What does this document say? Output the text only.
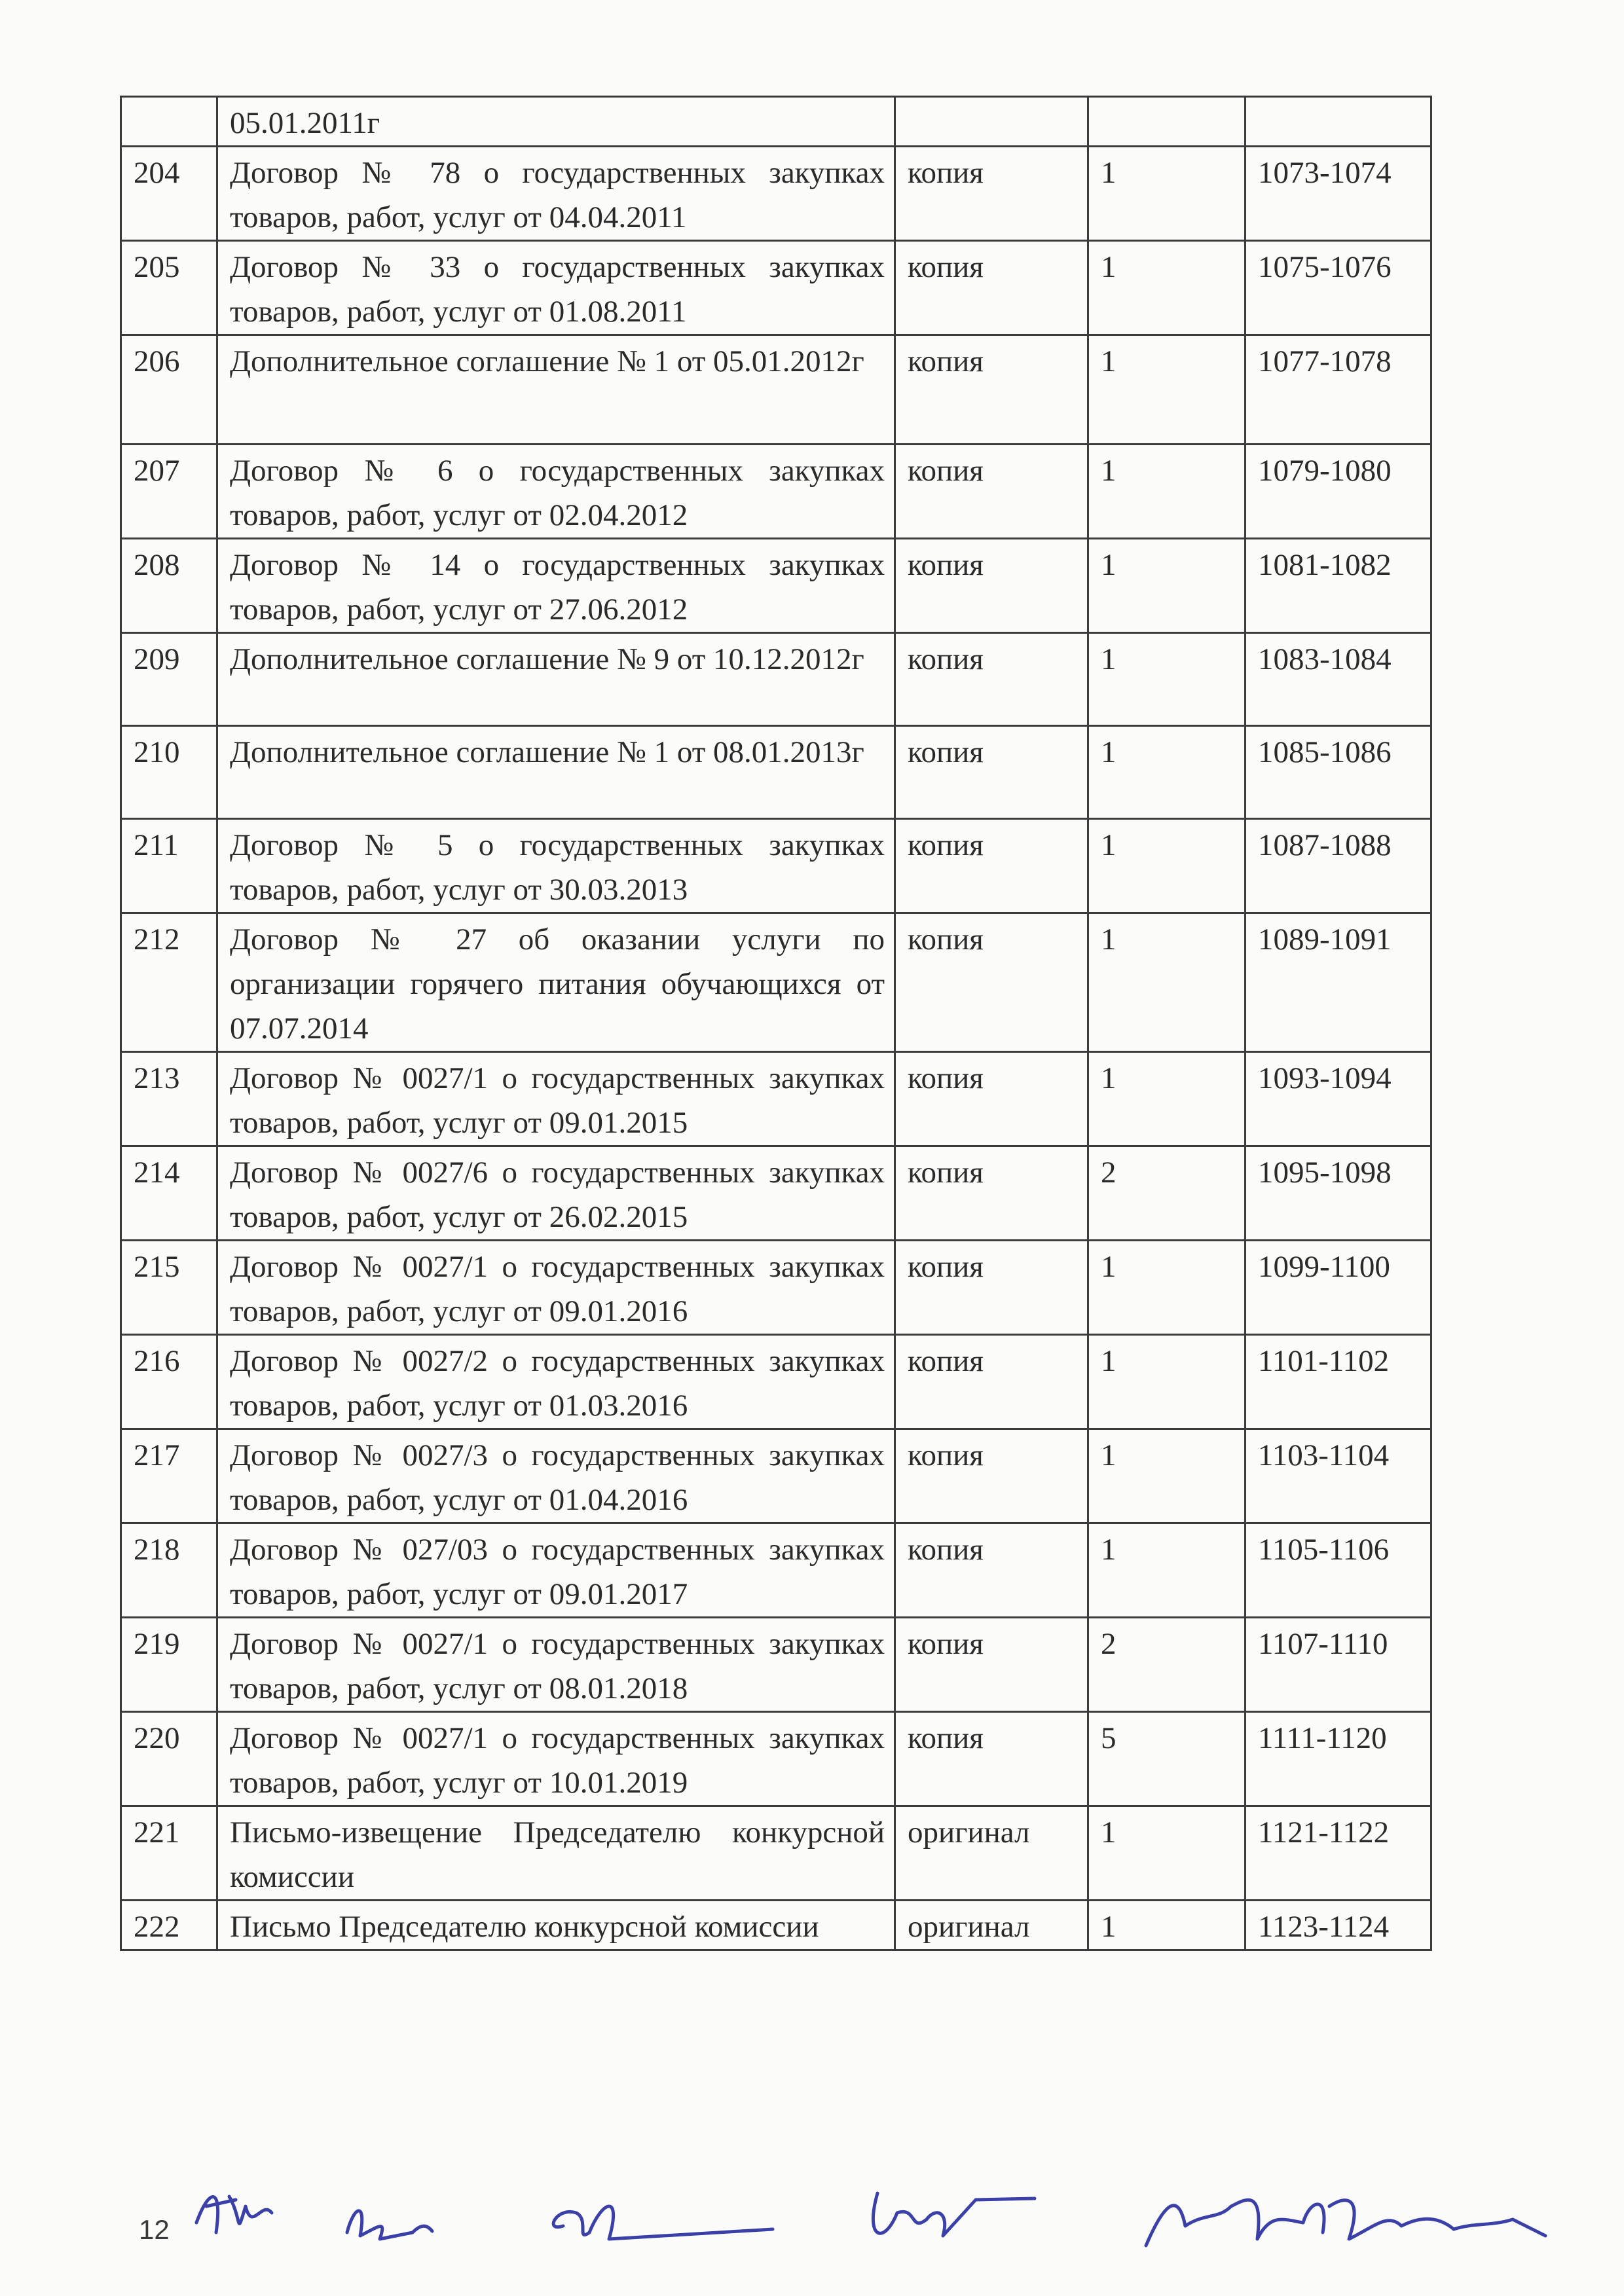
	05.01.2011г			
204	Договор № 78 о государственных закупках товаров, работ, услуг от 04.04.2011	копия	1	1073-1074
205	Договор № 33 о государственных закупках товаров, работ, услуг от 01.08.2011	копия	1	1075-1076
206	Дополнительное соглашение № 1 от 05.01.2012г	копия	1	1077-1078
207	Договор № 6 о государственных закупках товаров, работ, услуг от 02.04.2012	копия	1	1079-1080
208	Договор № 14 о государственных закупках товаров, работ, услуг от 27.06.2012	копия	1	1081-1082
209	Дополнительное соглашение № 9 от 10.12.2012г	копия	1	1083-1084
210	Дополнительное соглашение № 1 от 08.01.2013г	копия	1	1085-1086
211	Договор № 5 о государственных закупках товаров, работ, услуг от 30.03.2013	копия	1	1087-1088
212	Договор № 27 об оказании услуги по организации горячего питания обучающихся от 07.07.2014	копия	1	1089-1091
213	Договор № 0027/1 о государственных закупках товаров, работ, услуг от 09.01.2015	копия	1	1093-1094
214	Договор № 0027/6 о государственных закупках товаров, работ, услуг от 26.02.2015	копия	2	1095-1098
215	Договор № 0027/1 о государственных закупках товаров, работ, услуг от 09.01.2016	копия	1	1099-1100
216	Договор № 0027/2 о государственных закупках товаров, работ, услуг от 01.03.2016	копия	1	1101-1102
217	Договор № 0027/3 о государственных закупках товаров, работ, услуг от 01.04.2016	копия	1	1103-1104
218	Договор № 027/03 о государственных закупках товаров, работ, услуг от 09.01.2017	копия	1	1105-1106
219	Договор № 0027/1 о государственных закупках товаров, работ, услуг от 08.01.2018	копия	2	1107-1110
220	Договор № 0027/1 о государственных закупках товаров, работ, услуг от 10.01.2019	копия	5	1111-1120
221	Письмо-извещение Председателю конкурсной комиссии	оригинал	1	1121-1122
222	Письмо Председателю конкурсной комиссии	оригинал	1	1123-1124
12
